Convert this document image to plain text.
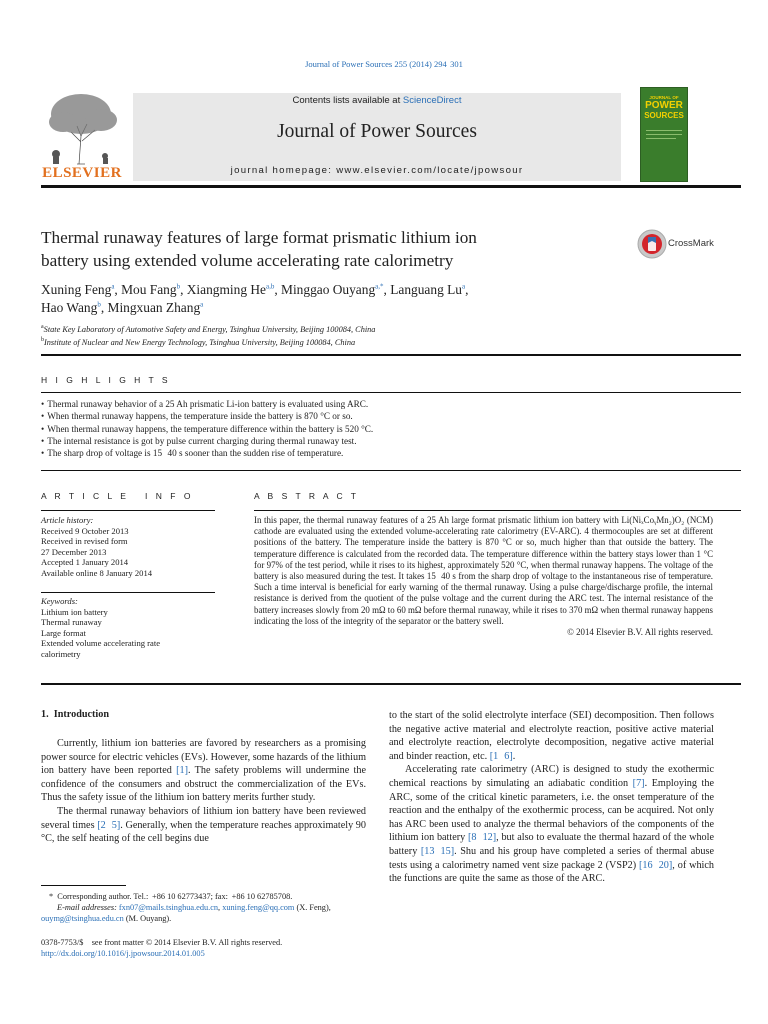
Journal of Power Sources 255 (2014) 294  301
ELSEVIER
Contents lists available at ScienceDirect
Journal of Power Sources
journal homepage: www.elsevier.com/locate/jpowsour
JOURNAL OF
POWER
SOURCES
Thermal runaway features of large format prismatic lithium ion
battery using extended volume accelerating rate calorimetry
CrossMark
Xuning Feng$^a$, Mou Fang$^b$, Xiangming He$^{a,b}$, Minggao Ouyang$^{a,*}$, Languang Lu$^a$,
Hao Wang$^b$, Mingxuan Zhang$^a$
$^a$State Key Laboratory of Automotive Safety and Energy, Tsinghua University, Beijing 100084, China
$^b$Institute of Nuclear and New Energy Technology, Tsinghua University, Beijing 100084, China
H I G H L I G H T S
• Thermal runaway behavior of a 25 Ah prismatic Li-ion battery is evaluated using ARC.
• When thermal runaway happens, the temperature inside the battery is 870 °C or so.
• When thermal runaway happens, the temperature difference within the battery is 520 °C.
• The internal resistance is got by pulse current charging during thermal runaway test.
• The sharp drop of voltage is 15   40 s sooner than the sudden rise of temperature.
A R T I C L E   I N F O
Article history:
Received 9 October 2013
Received in revised form
27 December 2013
Accepted 1 January 2014
Available online 8 January 2014
Keywords:
Lithium ion battery
Thermal runaway
Large format
Extended volume accelerating rate
calorimetry
A B S T R A C T
In this paper, the thermal runaway features of a 25 Ah large format prismatic lithium ion battery with Li(NiₓCoᵧMn₂)O₂ (NCM) cathode are evaluated using the extended volume-accelerating rate calorimetry (EV-ARC). 4 thermocouples are set at different positions of the battery. The temperature inside the battery is 870 °C or so, much higher than that outside the battery. The temperature difference is calculated from the recorded data. The temperature difference within the battery stays lower than 1 °C for 97% of the test period, while it rises to its highest, approximately 520 °C, when thermal runaway happens. The voltage of the battery is also measured during the test. It takes 15   40 s from the sharp drop of voltage to the instantaneous rise of temperature. Such a time interval is beneficial for early warning of the thermal runaway. Using a pulse charge/discharge profile, the internal resistance is derived from the quotient of the pulse voltage and the current during the ARC test. The internal resistance of the battery increases slowly from 20 mΩ to 60 mΩ before thermal runaway, while it rises to 370 mΩ when thermal runaway happens indicating the loss of the integrity of the separator or the battery swell.
© 2014 Elsevier B.V. All rights reserved.
1.  Introduction

Currently, lithium ion batteries are favored by researchers as a promising power source for electric vehicles (EVs). However, some hazards of the lithium ion battery have been reported [1]. The safety problems will undermine the confidence of the consumers and obstruct the commercialization of the EVs. Thus the safety issue of the lithium ion battery merits further study.

The thermal runaway behaviors of lithium ion battery have been reviewed several times [2   5]. Generally, when the temperature reaches approximately 90 °C, the self heating of the cell begins due

to the start of the solid electrolyte interface (SEI) decomposition. Then follows the negative active material and electrolyte reaction, positive active material and electrolyte reaction, electrolyte decomposition, negative active material and binder reaction, etc. [1   6].

Accelerating rate calorimetry (ARC) is designed to study the exothermic chemical reactions by simulating an adiabatic condition [7]. Employing the ARC, some of the critical kinetic parameters, i.e. the onset temperature of the reaction and the enthalpy of the exothermic process, can be acquired. Not only has ARC been used to analyze the thermal behaviors of the components of the lithium ion battery [8   12], but also to evaluate the thermal hazard of the whole battery [13   15]. Shu and his group have completed a series of thermal abuse tests using a calorimetry named vent size package 2 (VSP2) [16   20], of which the functions are quite the same as those of the ARC.

* Corresponding author. Tel.:  +86 10 62773437; fax:  +86 10 62785708.
E-mail addresses: fxn07@mails.tsinghua.edu.cn, xuning.feng@qq.com (X. Feng),
ouymg@tsinghua.edu.cn (M. Ouyang).
0378-7753/$  see front matter © 2014 Elsevier B.V. All rights reserved.
http://dx.doi.org/10.1016/j.jpowsour.2014.01.005
